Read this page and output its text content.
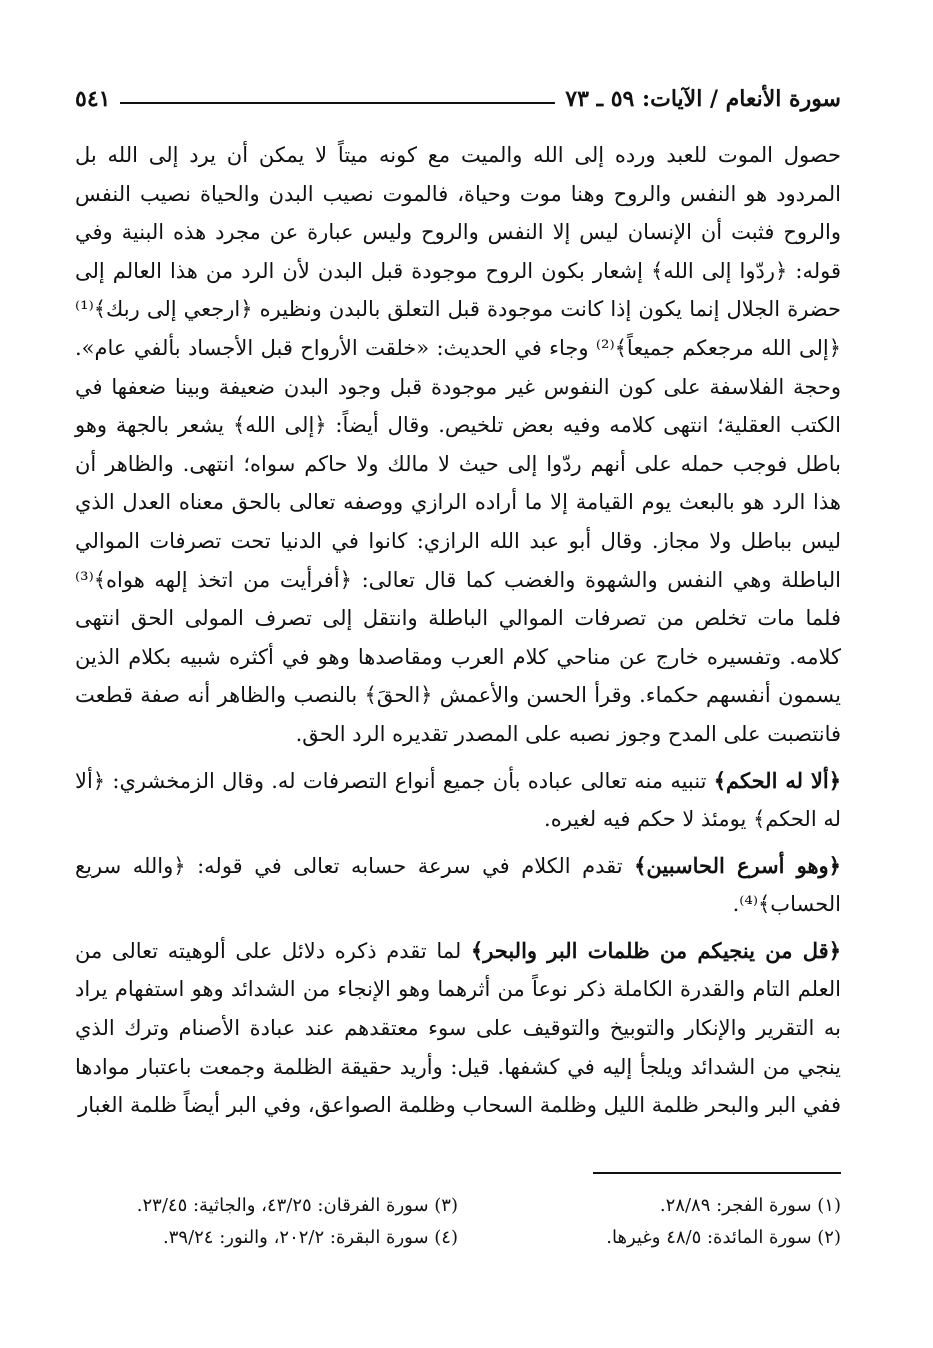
سورة الأنعام / الآيات: ٥٩ ـ ٧٣
٥٤١

حصول الموت للعبد ورده إلى الله والميت مع كونه ميتاً لا يمكن أن يرد إلى الله بل المردود هو النفس والروح وهنا موت وحياة، فالموت نصيب البدن والحياة نصيب النفس والروح فثبت أن الإنسان ليس إلا النفس والروح وليس عبارة عن مجرد هذه البنية وفي قوله: ﴿ردّوا إلى الله﴾ إشعار بكون الروح موجودة قبل البدن لأن الرد من هذا العالم إلى حضرة الجلال إنما يكون إذا كانت موجودة قبل التعلق بالبدن ونظيره ﴿ارجعي إلى ربك﴾⁽¹⁾ ﴿إلى الله مرجعكم جميعاً﴾⁽²⁾ وجاء في الحديث: «خلقت الأرواح قبل الأجساد بألفي عام». وحجة الفلاسفة على كون النفوس غير موجودة قبل وجود البدن ضعيفة وبينا ضعفها في الكتب العقلية؛ انتهى كلامه وفيه بعض تلخيص. وقال أيضاً: ﴿إلى الله﴾ يشعر بالجهة وهو باطل فوجب حمله على أنهم ردّوا إلى حيث لا مالك ولا حاكم سواه؛ انتهى. والظاهر أن هذا الرد هو بالبعث يوم القيامة إلا ما أراده الرازي ووصفه تعالى بالحق معناه العدل الذي ليس بباطل ولا مجاز. وقال أبو عبد الله الرازي: كانوا في الدنيا تحت تصرفات الموالي الباطلة وهي النفس والشهوة والغضب كما قال تعالى: ﴿أفرأيت من اتخذ إلهه هواه﴾⁽³⁾ فلما مات تخلص من تصرفات الموالي الباطلة وانتقل إلى تصرف المولى الحق انتهى كلامه. وتفسيره خارج عن مناحي كلام العرب ومقاصدها وهو في أكثره شبيه بكلام الذين يسمون أنفسهم حكماء. وقرأ الحسن والأعمش ﴿الحقَ﴾ بالنصب والظاهر أنه صفة قطعت فانتصبت على المدح وجوز نصبه على المصدر تقديره الرد الحق.

﴿ألا له الحكم﴾ تنبيه منه تعالى عباده بأن جميع أنواع التصرفات له. وقال الزمخشري: ﴿ألا له الحكم﴾ يومئذ لا حكم فيه لغيره.

﴿وهو أسرع الحاسبين﴾ تقدم الكلام في سرعة حسابه تعالى في قوله: ﴿والله سريع الحساب﴾⁽⁴⁾.

﴿قل من ينجيكم من ظلمات البر والبحر﴾ لما تقدم ذكره دلائل على ألوهيته تعالى من العلم التام والقدرة الكاملة ذكر نوعاً من أثرهما وهو الإنجاء من الشدائد وهو استفهام يراد به التقرير والإنكار والتوبيخ والتوقيف على سوء معتقدهم عند عبادة الأصنام وترك الذي ينجي من الشدائد ويلجأ إليه في كشفها. قيل: وأريد حقيقة الظلمة وجمعت باعتبار موادها ففي البر والبحر ظلمة الليل وظلمة السحاب وظلمة الصواعق، وفي البر أيضاً ظلمة الغبار

(١) سورة الفجر: ٢٨/٨٩.
(٢) سورة المائدة: ٤٨/٥ وغيرها.
(٣) سورة الفرقان: ٤٣/٢٥، والجاثية: ٢٣/٤٥.
(٤) سورة البقرة: ٢٠٢/٢، والنور: ٣٩/٢٤.
